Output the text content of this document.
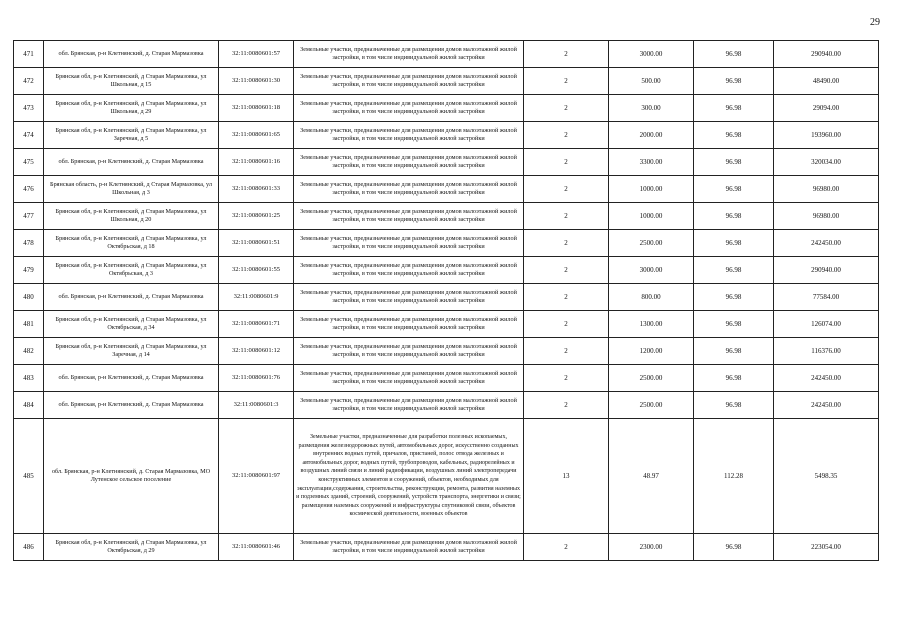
29
471	обл. Брянская, р-н Клетнянский, д. Старая Мармазовка	32:11:0080601:57	Земельные участки, предназначенные для размещения домов малоэтажной жилой застройки, в том числе индивидуальной жилой застройки	2	3000.00	96.98	290940.00
472	Брянская обл, р-н Клетнянский, д Старая Мармазовка, ул Школьная, д 15	32:11:0080601:30	Земельные участки, предназначенные для размещения домов малоэтажной жилой застройки, в том числе индивидуальной жилой застройки	2	500.00	96.98	48490.00
473	Брянская обл, р-н Клетнянский, д Старая Мармазовка, ул Школьная, д 29	32:11:0080601:18	Земельные участки, предназначенные для размещения домов малоэтажной жилой застройки, в том числе индивидуальной жилой застройки	2	300.00	96.98	29094.00
474	Брянская обл, р-н Клетнянский, д Старая Мармазовка, ул Заречная, д 5	32:11:0080601:65	Земельные участки, предназначенные для размещения домов малоэтажной жилой застройки, в том числе индивидуальной жилой застройки	2	2000.00	96.98	193960.00
475	обл. Брянская, р-н Клетнянский, д. Старая Мармазовка	32:11:0080601:16	Земельные участки, предназначенные для размещения домов малоэтажной жилой застройки, в том числе индивидуальной жилой застройки	2	3300.00	96.98	320034.00
476	Брянская область, р-н Клетнянский, д Старая Мармазовка, ул Школьная, д 3	32:11:0080601:33	Земельные участки, предназначенные для размещения домов малоэтажной жилой застройки, в том числе индивидуальной жилой застройки	2	1000.00	96.98	96980.00
477	Брянская обл, р-н Клетнянский, д Старая Мармазовка, ул Школьная, д 20	32:11:0080601:25	Земельные участки, предназначенные для размещения домов малоэтажной жилой застройки, в том числе индивидуальной жилой застройки	2	1000.00	96.98	96980.00
478	Брянская обл, р-н Клетнянский, д Старая Мармазовка, ул Октябрьская, д 18	32:11:0080601:51	Земельные участки, предназначенные для размещения домов малоэтажной жилой застройки, в том числе индивидуальной жилой застройки	2	2500.00	96.98	242450.00
479	Брянская обл, р-н Клетнянский, д Старая Мармазовка, ул Октябрьская, д 3	32:11:0080601:55	Земельные участки, предназначенные для размещения домов малоэтажной жилой застройки, в том числе индивидуальной жилой застройки	2	3000.00	96.98	290940.00
480	обл. Брянская, р-н Клетнянский, д. Старая Мармазовка	32:11:0080601:9	Земельные участки, предназначенные для размещения домов малоэтажной жилой застройки, в том числе индивидуальной жилой застройки	2	800.00	96.98	77584.00
481	Брянская обл, р-н Клетнянский, д Старая Мармазовка, ул Октябрьская, д 34	32:11:0080601:71	Земельные участки, предназначенные для размещения домов малоэтажной жилой застройки, в том числе индивидуальной жилой застройки	2	1300.00	96.98	126074.00
482	Брянская обл, р-н Клетнянский, д Старая Мармазовка, ул Заречная, д 14	32:11:0080601:12	Земельные участки, предназначенные для размещения домов малоэтажной жилой застройки, в том числе индивидуальной жилой застройки	2	1200.00	96.98	116376.00
483	обл. Брянская, р-н Клетнянский, д. Старая Мармазовка	32:11:0080601:76	Земельные участки, предназначенные для размещения домов малоэтажной жилой застройки, в том числе индивидуальной жилой застройки	2	2500.00	96.98	242450.00
484	обл. Брянская, р-н Клетнянский, д. Старая Мармазовка	32:11:0080601:3	Земельные участки, предназначенные для размещения домов малоэтажной жилой застройки, в том числе индивидуальной жилой застройки	2	2500.00	96.98	242450.00
485	обл. Брянская, р-н Клетнянский, д. Старая Мармазовка, МО Лутенское сельское поселение	32:11:0080601:97	Земельные участки, предназначенные для разработки полезных ископаемых, размещения железнодорожных путей, автомобильных дорог, искусственно созданных внутренних водных путей, причалов, пристаней, полос отвода железных и автомобильных дорог, водных путей, трубопроводов, кабельных, радиорелейных и воздушных линий связи и линий радиофикации, воздушных линий электропередачи конструктивных элементов и сооружений, объектов, необходимых для эксплуатации,содержания, строительства, реконструкции, ремонта, развития наземных и подземных зданий, строений, сооружений, устройств транспорта, энергетики и связи; размещения наземных сооружений и инфраструктуры спутниковой связи, объектов космической деятельности, военных объектов	13	48.97	112.28	5498.35
486	Брянская обл, р-н Клетнянский, д Старая Мармазовка, ул Октябрьская, д 29	32:11:0080601:46	Земельные участки, предназначенные для размещения домов малоэтажной жилой застройки, в том числе индивидуальной жилой застройки	2	2300.00	96.98	223054.00
